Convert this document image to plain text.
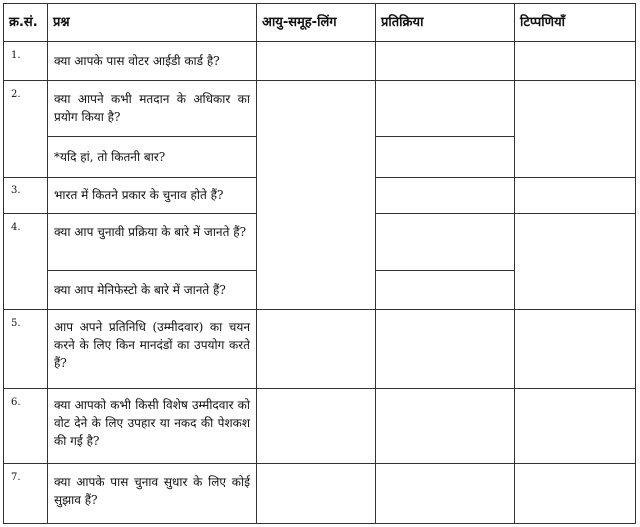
क्र.सं.	प्रश्न	आयु-समूह-लिंग	प्रतिक्रिया	टिप्पणियाँ
1.	क्या आपके पास वोटर आईडी कार्ड है?
2.	क्या आपने कभी मतदान के अधिकार का प्रयोग किया है?
*यदि हां, तो कितनी बार?
3.	भारत में कितने प्रकार के चुनाव होते हैं?
4.	क्या आप चुनावी प्रक्रिया के बारे में जानते हैं?
क्या आप मेनिफेस्टो के बारे में जानते हैं?
5.	आप अपने प्रतिनिधि (उम्मीदवार) का चयन करने के लिए किन मानदंडों का उपयोग करते हैं?
6.	क्या आपको कभी किसी विशेष उम्मीदवार को वोट देने के लिए उपहार या नकद की पेशकश की गई है?
7.	क्या आपके पास चुनाव सुधार के लिए कोई सुझाव हैं?
